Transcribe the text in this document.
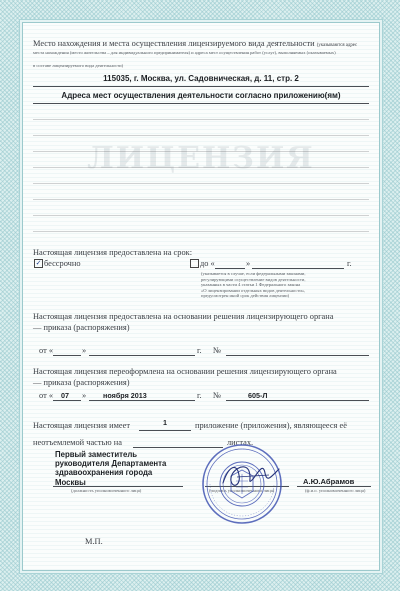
ЛИЦЕНЗИЯ
Место нахождения и места осуществления лицензируемого вида деятельности (указываются адрес
места нахождения (место жительства – для индивидуального предпринимателя) и адреса мест осуществления работ (услуг), выполняемых (оказываемых)
в составе лицензируемого вида деятельности)
115035, г. Москва, ул. Садовническая, д. 11, стр. 2
Адреса мест осуществления деятельности согласно приложению(ям)
Настоящая лицензия предоставлена на срок:
✓ бессрочно	до «	»	г.
(указывается в случае, если федеральными законами,
регулирующими осуществление видов деятельности,
указанных в части 4 статьи 1 Федерального закона
«О лицензировании отдельных видов деятельности»,
предусмотрен иной срок действия лицензии)
Настоящая лицензия предоставлена на основании решения лицензирующего органа
— приказа (распоряжения)
от «	»	г. №
Настоящая лицензия переоформлена на основании решения лицензирующего органа
— приказа (распоряжения)
от « 07 » ноября 2013	г. №	605-Л
Настоящая лицензия имеет	1	приложение (приложения), являющееся её
неотъемлемой частью на	листах.
Первый заместитель
руководителя Департамента
здравоохранения города
Москвы
(должность уполномоченного лица)	(подпись уполномоченного лица)
А.Ю.Абрамов
(ф.и.о. уполномоченного лица)
М.П.
